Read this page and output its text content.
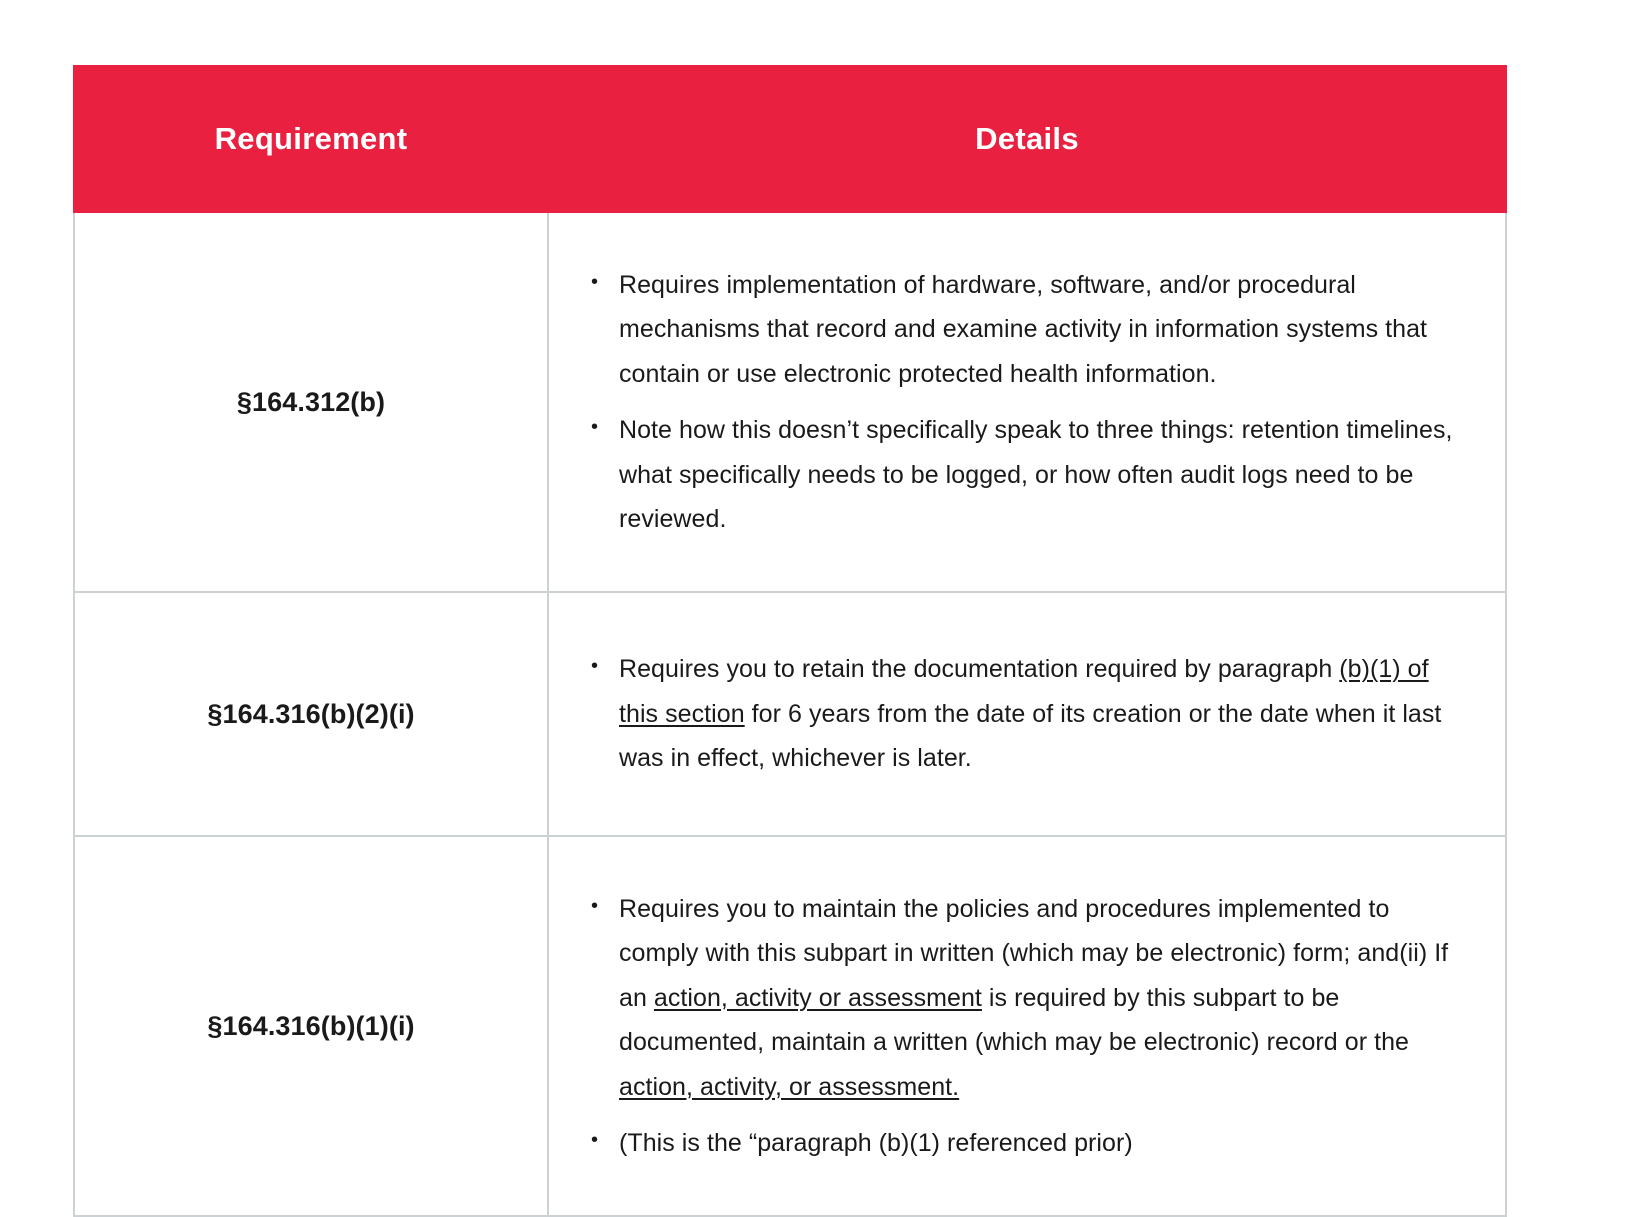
Requirement	Details

§164.312(b)	
• Requires implementation of hardware, software, and/or procedural mechanisms that record and examine activity in information systems that contain or use electronic protected health information.
• Note how this doesn’t specifically speak to three things: retention timelines, what specifically needs to be logged, or how often audit logs need to be reviewed.

§164.316(b)(2)(i)	
• Requires you to retain the documentation required by paragraph (b)(1) of this section for 6 years from the date of its creation or the date when it last was in effect, whichever is later.

§164.316(b)(1)(i)	
• Requires you to maintain the policies and procedures implemented to comply with this subpart in written (which may be electronic) form; and(ii) If an action, activity or assessment is required by this subpart to be documented, maintain a written (which may be electronic) record or the action, activity, or assessment.
• (This is the “paragraph (b)(1) referenced prior)
